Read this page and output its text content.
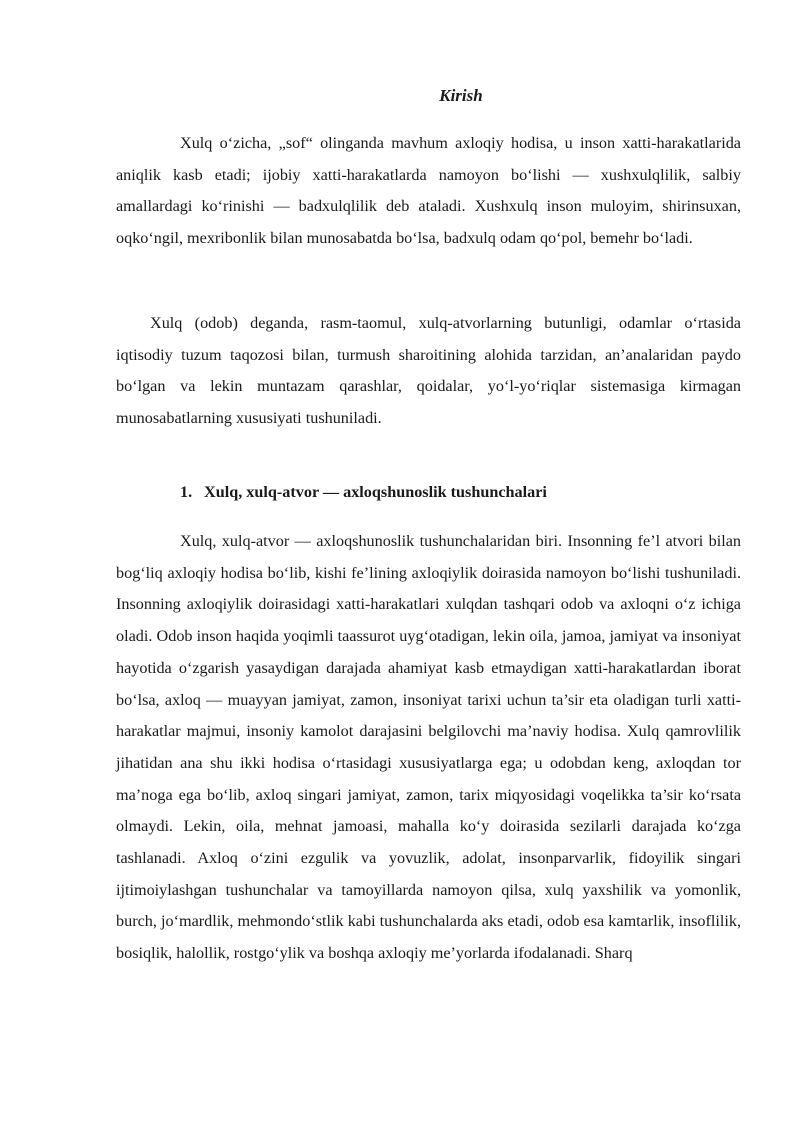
Kirish

Xulq o‘zicha, „sof“ olinganda mavhum axloqiy hodisa, u inson xatti-harakatlarida aniqlik kasb etadi; ijobiy xatti-harakatlarda namoyon bo‘lishi — xushxulqlilik, salbiy amallardagi ko‘rinishi — badxulqlilik deb ataladi. Xushxulq inson muloyim, shirinsuxan, oqko‘ngil, mexribonlik bilan munosabatda bo‘lsa, badxulq odam qo‘pol, bemehr bo‘ladi.

Xulq (odob) deganda, rasm-taomul, xulq-atvorlarning butunligi, odamlar o‘rtasida iqtisodiy tuzum taqozosi bilan, turmush sharoitining alohida tarzidan, an’analaridan paydo bo‘lgan va lekin muntazam qarashlar, qoidalar, yo‘l-yo‘riqlar sistemasiga kirmagan munosabatlarning xususiyati tushuniladi.

1. Xulq, xulq-atvor — axloqshunoslik tushunchalari

Xulq, xulq-atvor — axloqshunoslik tushunchalaridan biri. Insonning fe’l atvori bilan bog‘liq axloqiy hodisa bo‘lib, kishi fe’lining axloqiylik doirasida namoyon bo‘lishi tushuniladi. Insonning axloqiylik doirasidagi xatti-harakatlari xulqdan tashqari odob va axloqni o‘z ichiga oladi. Odob inson haqida yoqimli taassurot uyg‘otadigan, lekin oila, jamoa, jamiyat va insoniyat hayotida o‘zgarish yasaydigan darajada ahamiyat kasb etmaydigan xatti-harakatlardan iborat bo‘lsa, axloq — muayyan jamiyat, zamon, insoniyat tarixi uchun ta’sir eta oladigan turli xatti-harakatlar majmui, insoniy kamolot darajasini belgilovchi ma’naviy hodisa. Xulq qamrovlilik jihatidan ana shu ikki hodisa o‘rtasidagi xususiyatlarga ega; u odobdan keng, axloqdan tor ma’noga ega bo‘lib, axloq singari jamiyat, zamon, tarix miqyosidagi voqelikka ta’sir ko‘rsata olmaydi. Lekin, oila, mehnat jamoasi, mahalla ko‘y doirasida sezilarli darajada ko‘zga tashlanadi. Axloq o‘zini ezgulik va yovuzlik, adolat, insonparvarlik, fidoyilik singari ijtimoiylashgan tushunchalar va tamoyillarda namoyon qilsa, xulq yaxshilik va yomonlik, burch, jo‘mardlik, mehmondo‘stlik kabi tushunchalarda aks etadi, odob esa kamtarlik, insoflilik, bosiqlik, halollik, rostgo‘ylik va boshqa axloqiy me’yorlarda ifodalanadi. Sharq
